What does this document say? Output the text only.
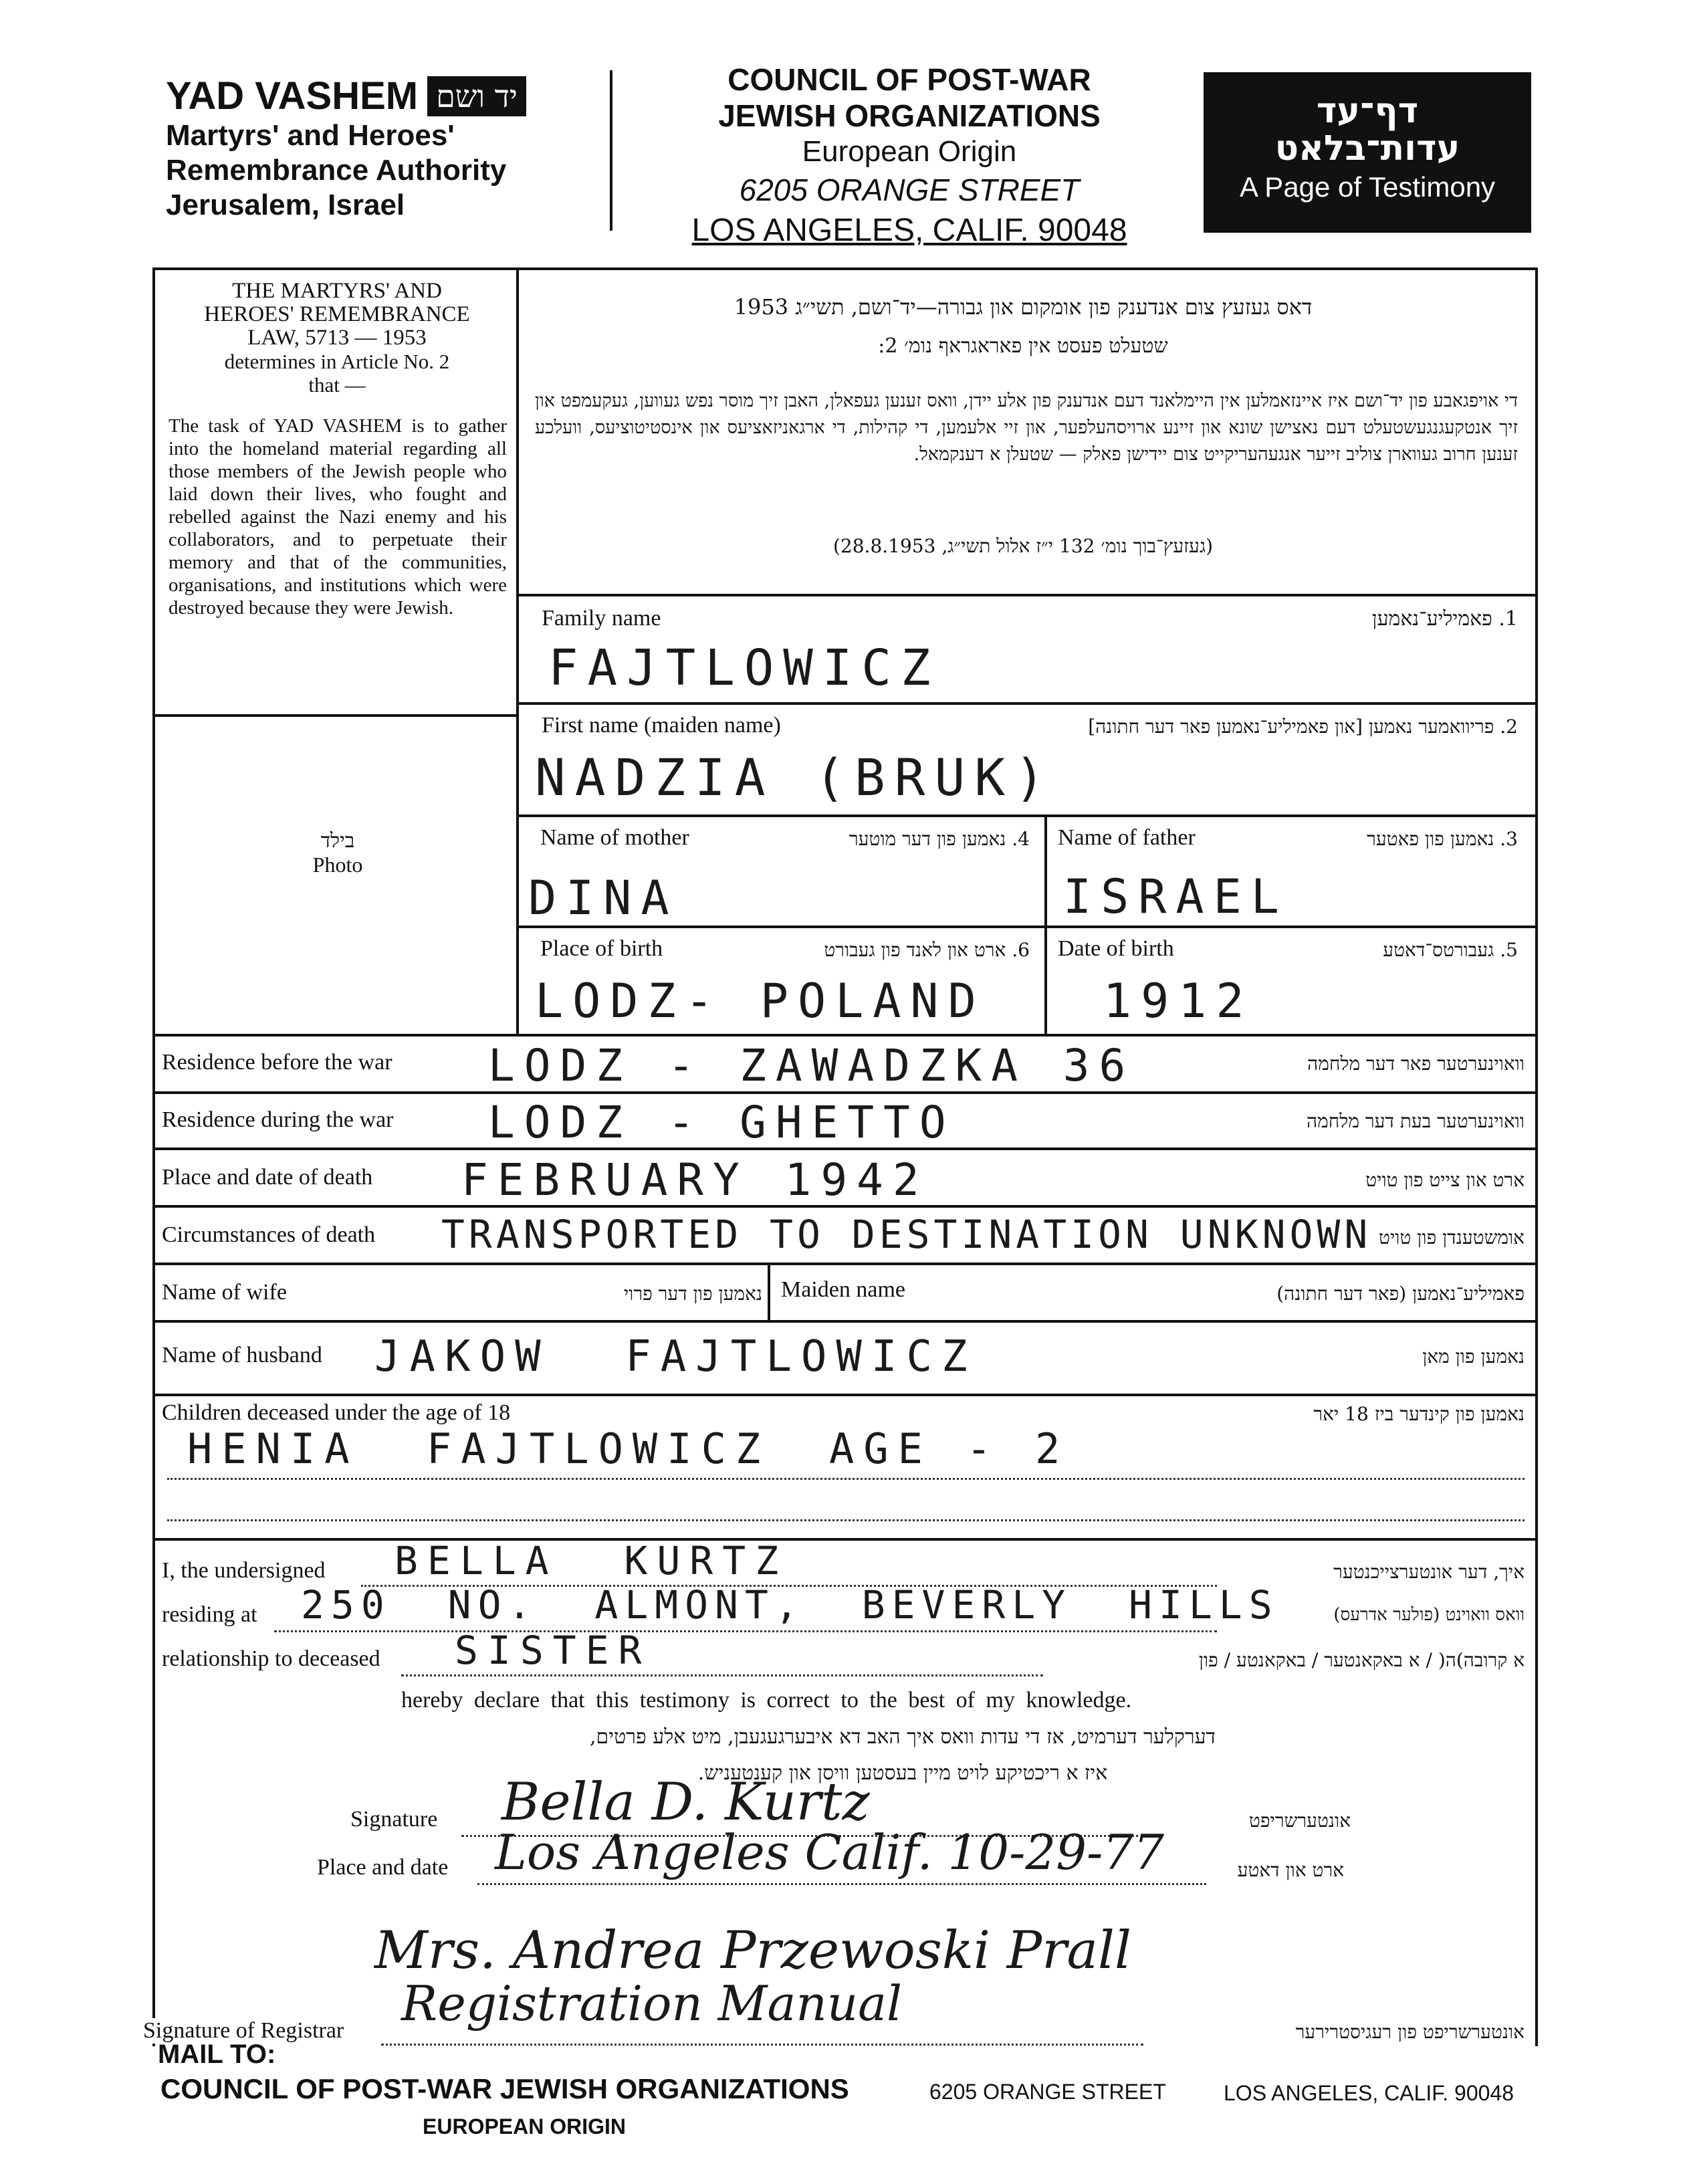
YAD VASHEM יד ושם
Martyrs' and Heroes'
Remembrance Authority
Jerusalem, Israel
COUNCIL OF POST-WAR
JEWISH ORGANIZATIONS
European Origin
6205 ORANGE STREET
LOS ANGELES, CALIF. 90048
דף־עד
עדות־בלאט
A Page of Testimony
THE MARTYRS' AND
HEROES' REMEMBRANCE
LAW, 5713 — 1953
determines in Article No. 2
that —
The task of YAD VASHEM is to gather into the homeland material regarding all those members of the Jewish people who laid down their lives, who fought and rebelled against the Nazi enemy and his collaborators, and to perpetuate their memory and that of the communities, organisations, and institutions which were destroyed because they were Jewish.
דאס געזעץ צום אנדענק פון אומקום און גבורה—יד־ושם, תשי״ג 1953
שטעלט פעסט אין פאראגראף נומ׳ 2:
די אויפגאבע פון יד־ושם איז איינזאמלען אין היימלאנד דעם אנדענק פון אלע יידן, וואס זענען געפאלן, האבן זיך מוסר נפש געווען, געקעמפט און זיך אנטקעגנגעשטעלט דעם נאצישן שונא און זיינע ארויסהעלפער, און זיי אלעמען, די קהילות, די ארגאניזאציעס און אינסטיטוציעס, וועלכע זענען חרוב געווארן צוליב זייער אנגעהעריקייט צום יידישן פאלק — שטעלן א דענקמאל.
(געזעץ־בוך נומ׳ 132 י״ז אלול תשי״ג, 28.8.1953)
בילד
Photo
Family name	1. פאמיליע־נאמען
FAJTLOWICZ
First name (maiden name)	2. פריוואמער נאמען [און פאמיליע־נאמען פאר דער חתונה]
NADZIA (BRUK)
Name of mother	4. נאמען פון דער מוטער
DINA
Name of father	3. נאמען פון פאטער
ISRAEL
Place of birth	6. ארט און לאנד פון געבורט
LODZ- POLAND
Date of birth	5. געבורטס־דאטע
1912
Residence before the war LODZ - ZAWADZKA 36	וואוינערטער פאר דער מלחמה
Residence during the war LODZ - GHETTO	וואוינערטער בעת דער מלחמה
Place and date of death FEBRUARY 1942	ארט און צייט פון טויט
Circumstances of death TRANSPORTED TO DESTINATION UNKNOWN אומשטענדן פון טויט
Name of wife	נאמען פון דער פרוי Maiden name	פאמיליע־נאמען (פאר דער חתונה)
Name of husband JAKOW FAJTLOWICZ	נאמען פון מאן
Children deceased under the age of 18	נאמען פון קינדער ביז 18 יאר
HENIA FAJTLOWICZ AGE - 2
I, the undersigned BELLA KURTZ	איך, דער אונטערצייכנטער
residing at 250 NO. ALMONT, BEVERLY HILLS	וואס וואוינט (פולער אדרעס)
relationship to deceased SISTER	א קרובה)ה( / א באקאנטער / באקאנטע / פון
hereby declare that this testimony is correct to the best of my knowledge.
דערקלער דערמיט, אז די עדות וואס איך האב דא איבערגעגעבן, מיט אלע פרטים,
איז א ריכטיקע לויט מיין בעסטען וויסן און קענטעניש.
Signature Bella D. Kurtz	אונטערשריפט
Place and date Los Angeles Calif. 10-29-77	ארט און דאטע
Mrs. Andrea Przewoski Prall
Registration Manual
Signature of Registrar	אונטערשריפט פון רעגיסטרירער
MAIL TO:
COUNCIL OF POST-WAR JEWISH ORGANIZATIONS	6205 ORANGE STREET	LOS ANGELES, CALIF. 90048
EUROPEAN ORIGIN
